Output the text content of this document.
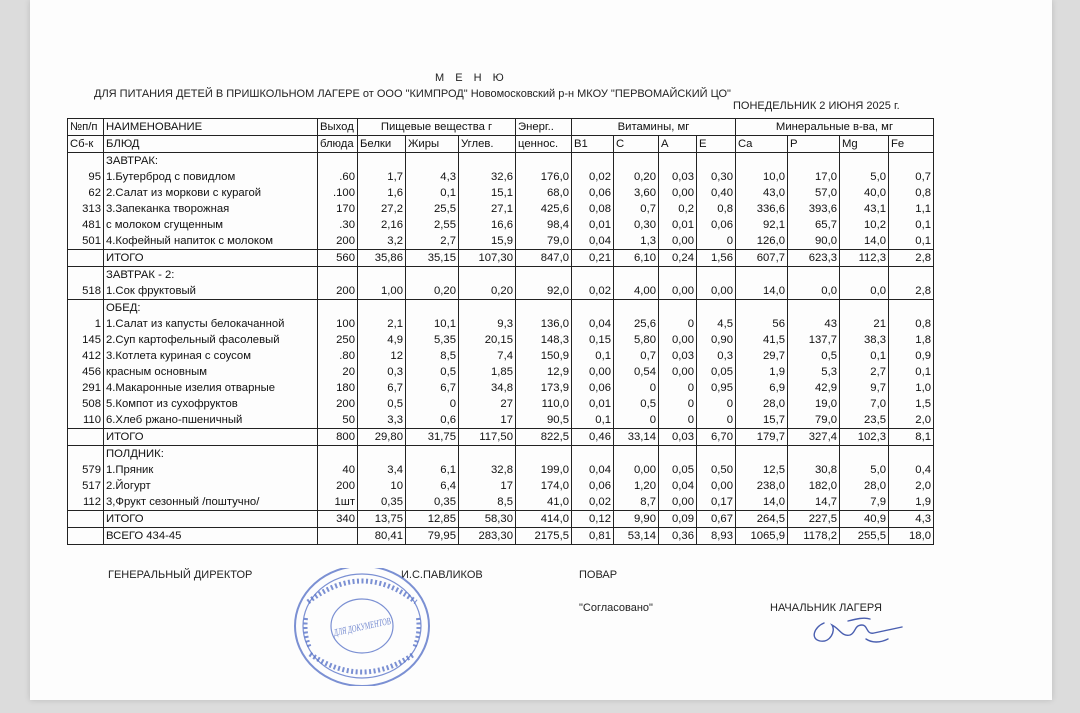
М Е Н Ю
ДЛЯ ПИТАНИЯ ДЕТЕЙ В ПРИШКОЛЬНОМ ЛАГЕРЕ от ООО "КИМПРОД" Новомосковский р-н МКОУ "ПЕРВОМАЙСКИЙ ЦО"
ПОНЕДЕЛЬНИК 2 ИЮНЯ 2025 г.
№п/п	НАИМЕНОВАНИЕ	Выход	Пищевые вещества г			Энерг..	Витамины, мг				Минеральные в-ва, мг			
Сб-к	БЛЮД	блюда	Белки	Жиры	Углев.	ценнос.	B1	C	A	E	Ca	P	Mg	Fe
	ЗАВТРАК:													
95	1.Бутерброд с повидлом	.60	1,7	4,3	32,6	176,0	0,02	0,20	0,03	0,30	10,0	17,0	5,0	0,7
62	2.Салат из моркови с курагой	.100	1,6	0,1	15,1	68,0	0,06	3,60	0,00	0,40	43,0	57,0	40,0	0,8
313	3.Запеканка творожная	170	27,2	25,5	27,1	425,6	0,08	0,7	0,2	0,8	336,6	393,6	43,1	1,1
481	с молоком сгущенным	.30	2,16	2,55	16,6	98,4	0,01	0,30	0,01	0,06	92,1	65,7	10,2	0,1
501	4.Кофейный напиток с молоком	200	3,2	2,7	15,9	79,0	0,04	1,3	0,00	0	126,0	90,0	14,0	0,1
	ИТОГО	560	35,86	35,15	107,30	847,0	0,21	6,10	0,24	1,56	607,7	623,3	112,3	2,8
	ЗАВТРАК - 2:													
518	1.Сок фруктовый	200	1,00	0,20	0,20	92,0	0,02	4,00	0,00	0,00	14,0	0,0	0,0	2,8
	ОБЕД:													
1	1.Салат из капусты белокачанной	100	2,1	10,1	9,3	136,0	0,04	25,6	0	4,5	56	43	21	0,8
145	2.Суп картофельный фасолевый	250	4,9	5,35	20,15	148,3	0,15	5,80	0,00	0,90	41,5	137,7	38,3	1,8
412	3.Котлета куриная с соусом	.80	12	8,5	7,4	150,9	0,1	0,7	0,03	0,3	29,7	0,5	0,1	0,9
456	красным основным	20	0,3	0,5	1,85	12,9	0,00	0,54	0,00	0,05	1,9	5,3	2,7	0,1
291	4.Макаронные изелия отварные	180	6,7	6,7	34,8	173,9	0,06	0	0	0,95	6,9	42,9	9,7	1,0
508	5.Компот из сухофруктов	200	0,5	0	27	110,0	0,01	0,5	0	0	28,0	19,0	7,0	1,5
110	6.Хлеб ржано-пшеничный	50	3,3	0,6	17	90,5	0,1	0	0	0	15,7	79,0	23,5	2,0
	ИТОГО	800	29,80	31,75	117,50	822,5	0,46	33,14	0,03	6,70	179,7	327,4	102,3	8,1
	ПОЛДНИК:													
579	1.Пряник	40	3,4	6,1	32,8	199,0	0,04	0,00	0,05	0,50	12,5	30,8	5,0	0,4
517	2.Йогурт	200	10	6,4	17	174,0	0,06	1,20	0,04	0,00	238,0	182,0	28,0	2,0
112	3,Фрукт сезонный /поштучно/	1шт	0,35	0,35	8,5	41,0	0,02	8,7	0,00	0,17	14,0	14,7	7,9	1,9
	ИТОГО	340	13,75	12,85	58,30	414,0	0,12	9,90	0,09	0,67	264,5	227,5	40,9	4,3
	ВСЕГО 434-45		80,41	79,95	283,30	2175,5	0,81	53,14	0,36	8,93	1065,9	1178,2	255,5	18,0
ГЕНЕРАЛЬНЫЙ ДИРЕКТОР	И.С.ПАВЛИКОВ	ПОВАР
"Согласовано"	НАЧАЛЬНИК ЛАГЕРЯ
ДЛЯ ДОКУМЕНТОВ
